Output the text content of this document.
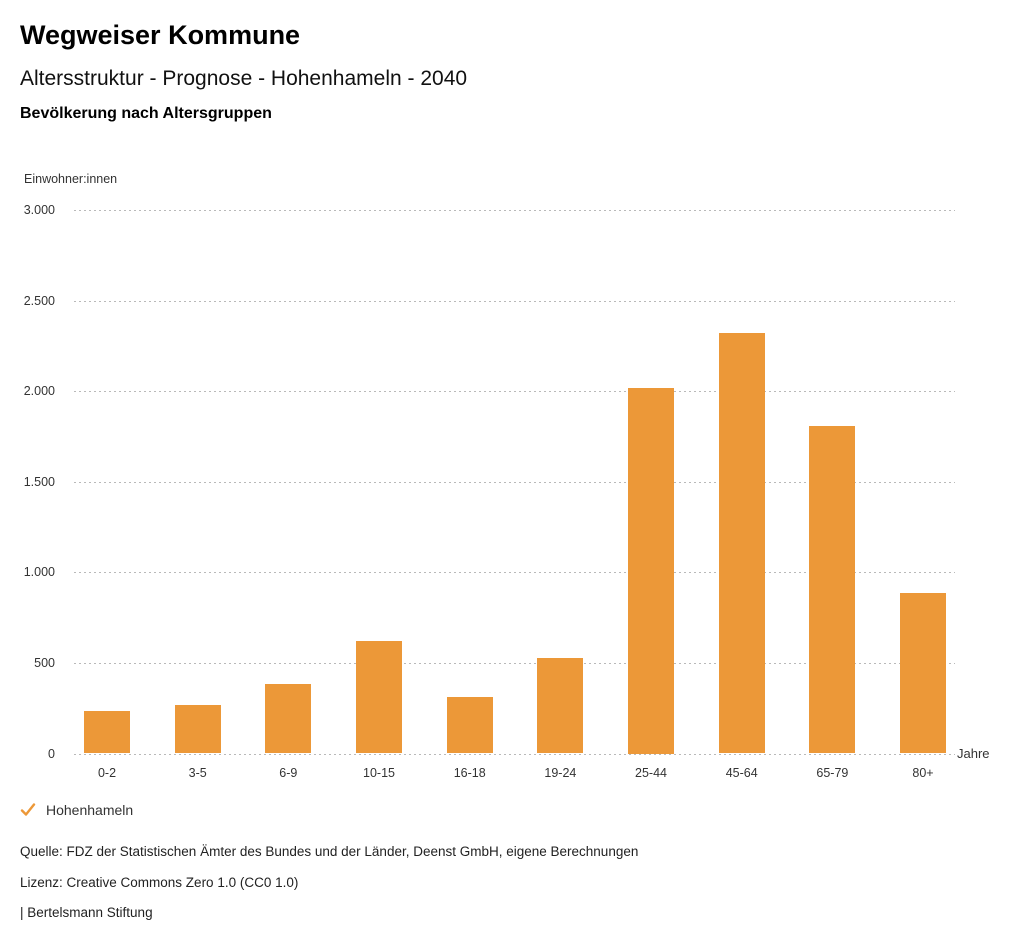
Wegweiser Kommune
Altersstruktur - Prognose - Hohenhameln - 2040
Bevölkerung nach Altersgruppen
Einwohner:innen
0
500
1.000
1.500
2.000
2.500
3.000
0-2	3-5	6-9	10-15	16-18	19-24	25-44	45-64	65-79	80+
Jahre
Hohenhameln
Quelle: FDZ der Statistischen Ämter des Bundes und der Länder, Deenst GmbH, eigene Berechnungen
Lizenz: Creative Commons Zero 1.0 (CC0 1.0)
| Bertelsmann Stiftung
